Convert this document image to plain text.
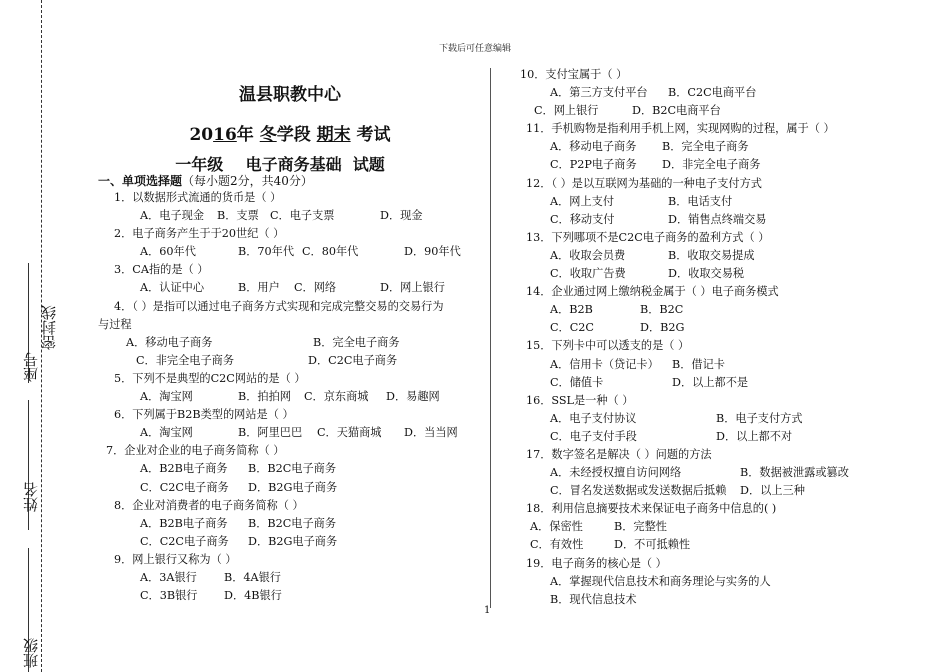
下载后可任意编辑
座号
密封线
姓名
班级
温县职教中心
2016年 冬学段 期末 考试
一年级    电子商务基础  试题
一、单项选择题（每小题2分，共40分）
1．以数据形式流通的货币是（ ）
A．电子现金 B．支票 C．电子支票	D．现金
2．电子商务产生于于20世纪（ ）
A．60年代	B．70年代 C．80年代	D．90年代
3．CA指的是（ ）
A．认证中心	B．用户 C．网络	D．网上银行
4．（ ）是指可以通过电子商务方式实现和完成完整交易的交易行为
与过程
A．移动电子商务	B．完全电子商务
C．非完全电子商务	D．C2C电子商务
5．下列不是典型的C2C网站的是（ ）
A．淘宝网	B．拍拍网 C．京东商城 D．易趣网
6．下列属于B2B类型的网站是（ ）
A．淘宝网	B．阿里巴巴 C．天猫商城 D．当当网
7．企业对企业的电子商务简称（ ）
A．B2B电子商务 B．B2C电子商务
C．C2C电子商务 D．B2G电子商务
8．企业对消费者的电子商务简称（ ）
A．B2B电子商务 B．B2C电子商务
C．C2C电子商务 D．B2G电子商务
9．网上银行又称为（ ）
A．3A银行 B．4A银行
C．3B银行 D．4B银行
10．支付宝属于（ ）
A．第三方支付平台 B．C2C电商平台
C．网上银行	D．B2C电商平台
11．手机购物是指利用手机上网，实现网购的过程，属于（ ）
A．移动电子商务 B．完全电子商务
C．P2P电子商务 D．非完全电子商务
12．（ ）是以互联网为基础的一种电子支付方式
A．网上支付	B．电话支付
C．移动支付	D．销售点终端交易
13．下列哪项不是C2C电子商务的盈利方式（ ）
A．收取会员费	B．收取交易提成
C．收取广告费	D．收取交易税
14．企业通过网上缴纳税金属于（ ）电子商务模式
A．B2B	B．B2C
C．C2C	D．B2G
15．下列卡中可以透支的是（ ）
A．信用卡（贷记卡） B．借记卡
C．储值卡	D．以上都不是
16．SSL是一种（ ）
A．电子支付协议	B．电子支付方式
C．电子支付手段	D．以上都不对
17．数字签名是解决（ ）问题的方法
A．未经授权擅自访问网络	B．数据被泄露或篡改
C．冒名发送数据或发送数据后抵赖 D．以上三种
18．利用信息摘要技术来保证电子商务中信息的( )
A．保密性	B．完整性
C．有效性	D．不可抵赖性
19．电子商务的核心是（ ）
A．掌握现代信息技术和商务理论与实务的人
B．现代信息技术
1
